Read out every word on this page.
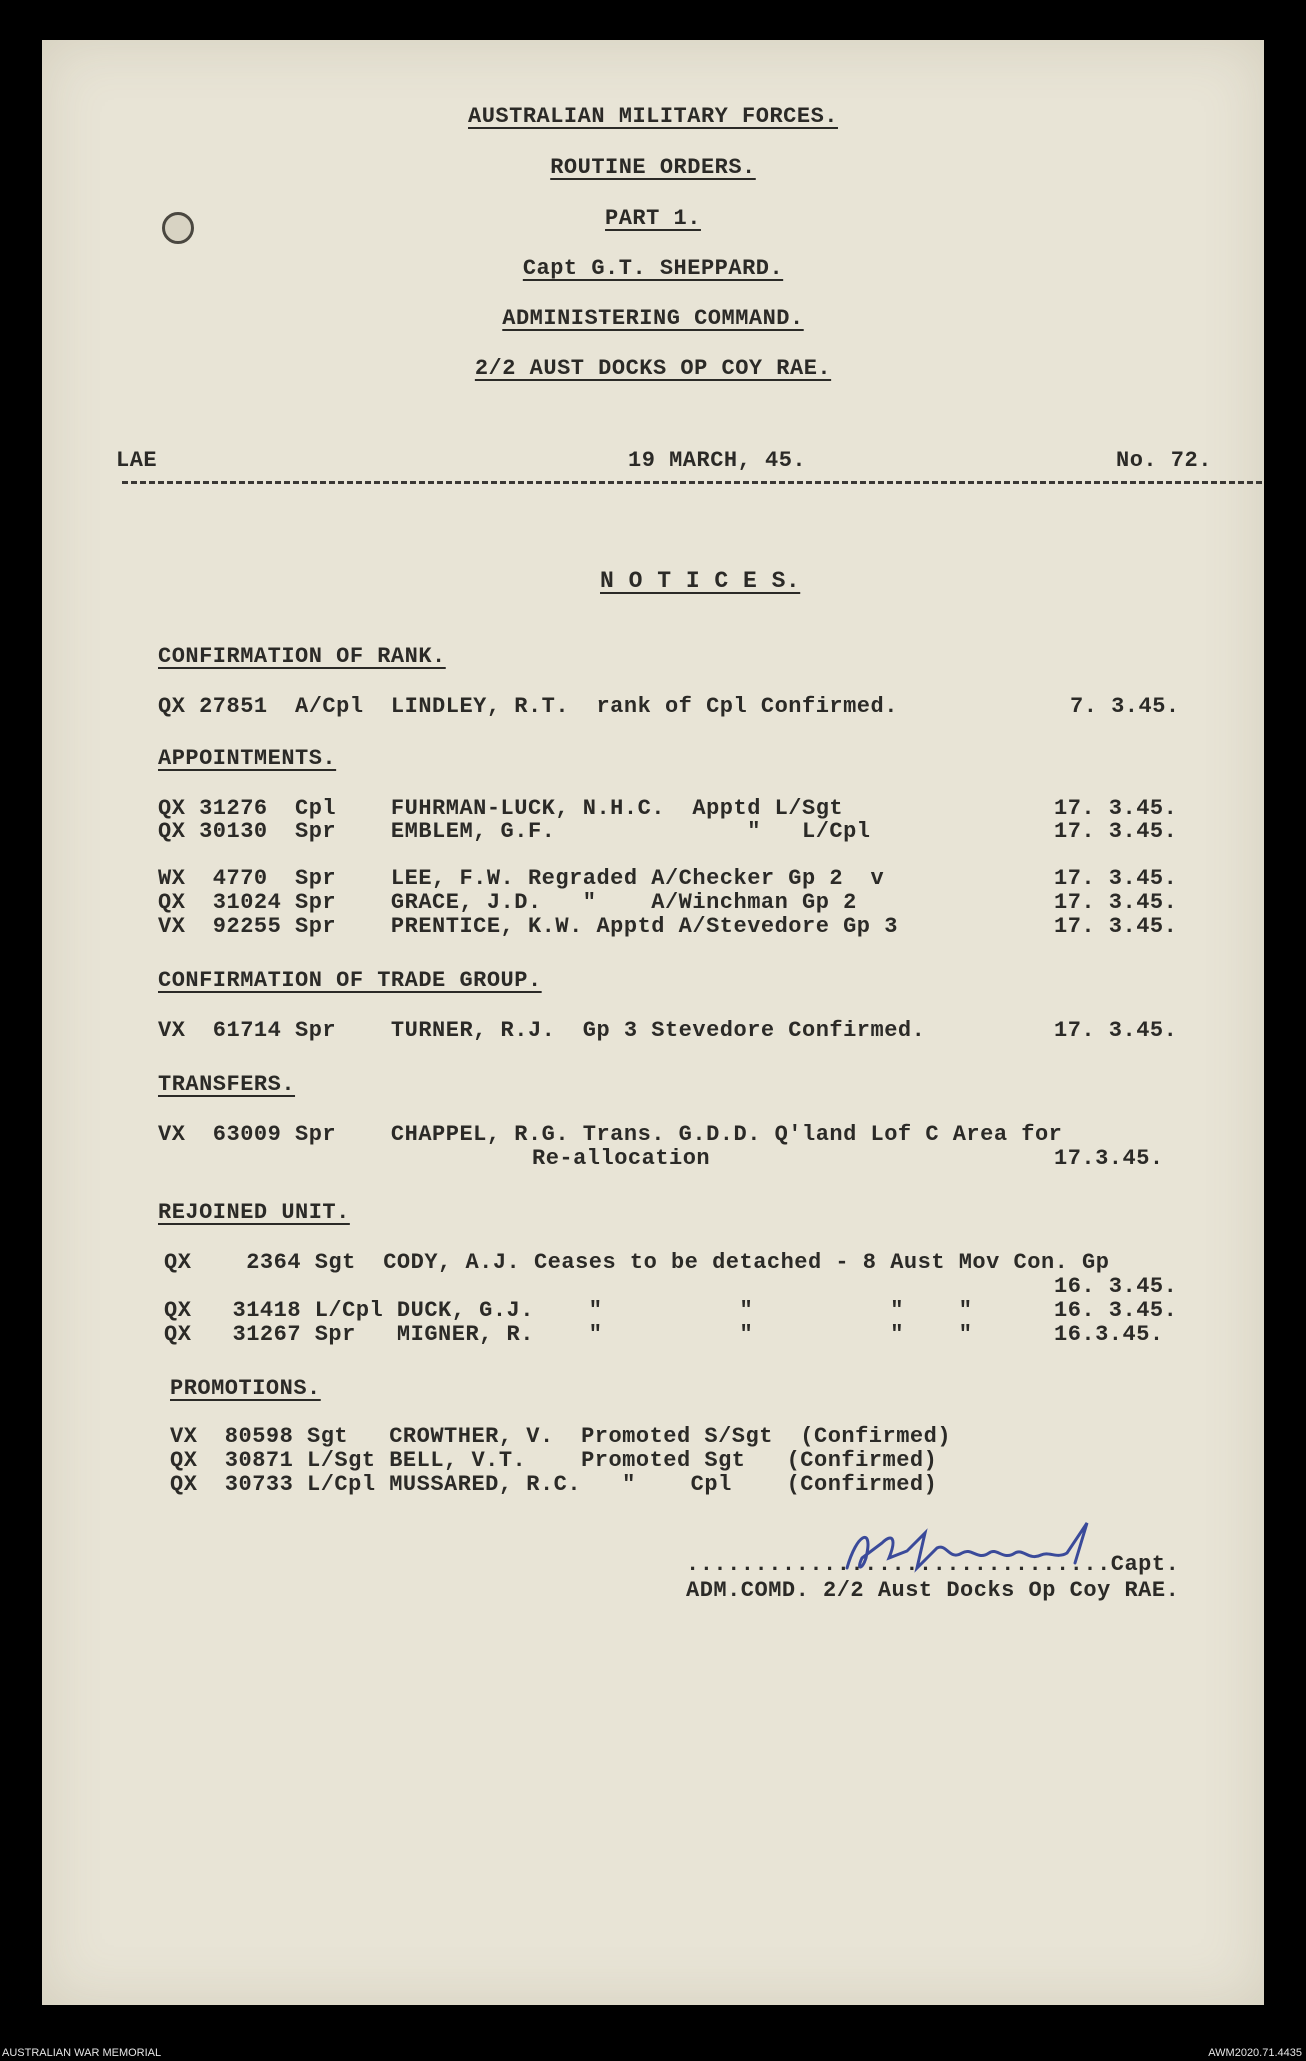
AUSTRALIAN MILITARY FORCES.
ROUTINE ORDERS.
PART 1.
Capt G.T. SHEPPARD.
ADMINISTERING COMMAND.
2/2 AUST DOCKS OP COY RAE.
LAE	19 MARCH, 45.	No. 72.
N O T I C E S.
CONFIRMATION OF RANK.
QX 27851  A/Cpl  LINDLEY, R.T.  rank of Cpl Confirmed.	7. 3.45.
APPOINTMENTS.
QX 31276  Cpl    FUHRMAN-LUCK, N.H.C.  Apptd L/Sgt	17. 3.45.
QX 30130  Spr    EMBLEM, G.F.              "   L/Cpl	17. 3.45.
WX  4770  Spr    LEE, F.W. Regraded A/Checker Gp 2  v	17. 3.45.
QX  31024 Spr    GRACE, J.D.   "    A/Winchman Gp 2	17. 3.45.
VX  92255 Spr    PRENTICE, K.W. Apptd A/Stevedore Gp 3	17. 3.45.
CONFIRMATION OF TRADE GROUP.
VX  61714 Spr    TURNER, R.J.  Gp 3 Stevedore Confirmed.	17. 3.45.
TRANSFERS.
VX  63009 Spr    CHAPPEL, R.G. Trans. G.D.D. Q'land Lof C Area for
Re-allocation	17.3.45.
REJOINED UNIT.
QX    2364 Sgt  CODY, A.J. Ceases to be detached - 8 Aust Mov Con. Gp
16. 3.45.
QX   31418 L/Cpl DUCK, G.J.    "          "          "    "	16. 3.45.
QX   31267 Spr   MIGNER, R.    "          "          "    "	16.3.45.
PROMOTIONS.
VX  80598 Sgt   CROWTHER, V.  Promoted S/Sgt  (Confirmed)
QX  30871 L/Sgt BELL, V.T.    Promoted Sgt   (Confirmed)
QX  30733 L/Cpl MUSSARED, R.C.   "    Cpl    (Confirmed)
...............................Capt.
ADM.COMD. 2/2 Aust Docks Op Coy RAE.
AUSTRALIAN WAR MEMORIAL	AWM2020.71.4435
